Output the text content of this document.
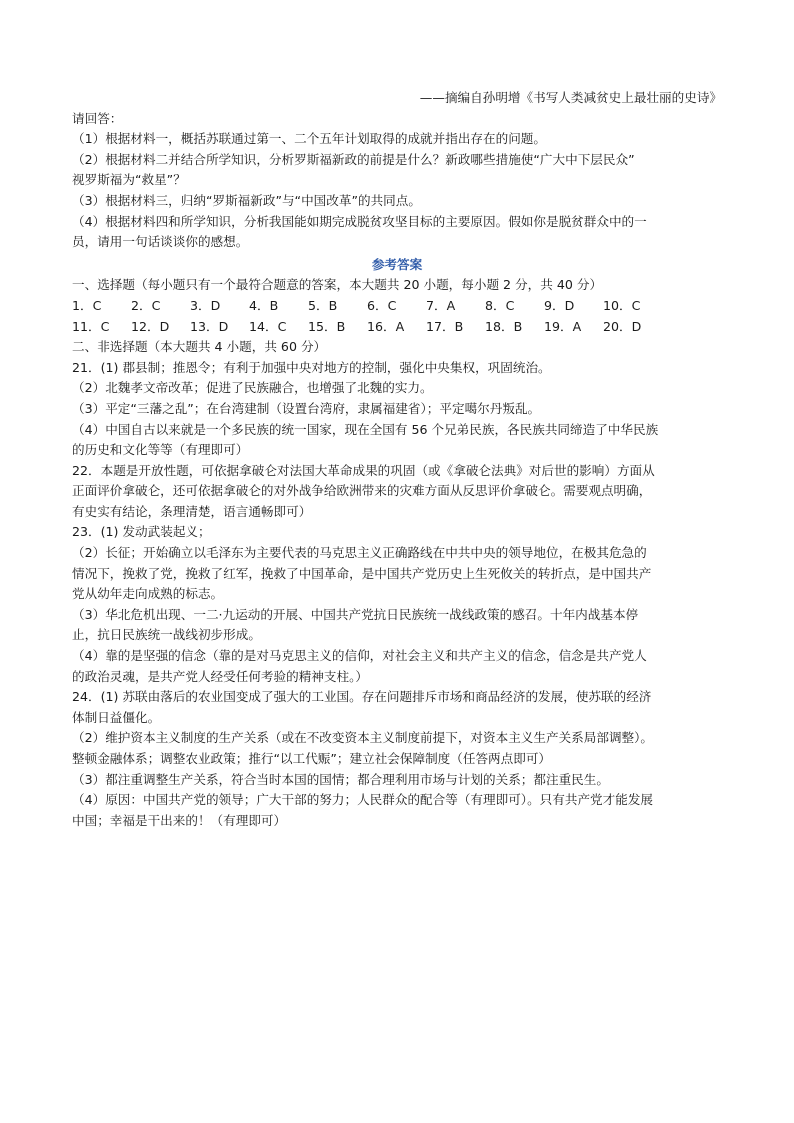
——摘编自孙明增《书写人类减贫史上最壮丽的史诗》
请回答：
（1）根据材料一，概括苏联通过第一、二个五年计划取得的成就并指出存在的问题。
（2）根据材料二并结合所学知识，分析罗斯福新政的前提是什么？新政哪些措施使“广大中下层民众”
视罗斯福为“救星”？
（3）根据材料三，归纳“罗斯福新政”与“中国改革”的共同点。
（4）根据材料四和所学知识，分析我国能如期完成脱贫攻坚目标的主要原因。假如你是脱贫群众中的一
员，请用一句话谈谈你的感想。
参考答案
一、选择题（每小题只有一个最符合题意的答案，本大题共 20 小题，每小题 2 分，共 40 分）
1．C	2．C	3．D	4．B	5．B	6．C	7．A	8．C	9．D	10．C
11．C	12．D	13．D	14．C	15．B	16．A	17．B	18．B	19．A	20．D
二、非选择题（本大题共 4 小题，共 60 分）
21．(1) 郡县制；推恩令；有利于加强中央对地方的控制，强化中央集权，巩固统治。
（2）北魏孝文帝改革；促进了民族融合，也增强了北魏的实力。
（3）平定“三藩之乱”；在台湾建制（设置台湾府，隶属福建省）；平定噶尔丹叛乱。
（4）中国自古以来就是一个多民族的统一国家，现在全国有 56 个兄弟民族，各民族共同缔造了中华民族
的历史和文化等等（有理即可）
22．本题是开放性题，可依据拿破仑对法国大革命成果的巩固（或《拿破仑法典》对后世的影响）方面从
正面评价拿破仑，还可依据拿破仑的对外战争给欧洲带来的灾难方面从反思评价拿破仑。需要观点明确，
有史实有结论，条理清楚，语言通畅即可）
23．(1) 发动武装起义；
（2）长征；开始确立以毛泽东为主要代表的马克思主义正确路线在中共中央的领导地位，在极其危急的
情况下，挽救了党，挽救了红军，挽救了中国革命，是中国共产党历史上生死攸关的转折点，是中国共产
党从幼年走向成熟的标志。
（3）华北危机出现、一二·九运动的开展、中国共产党抗日民族统一战线政策的感召。十年内战基本停
止，抗日民族统一战线初步形成。
（4）靠的是坚强的信念（靠的是对马克思主义的信仰，对社会主义和共产主义的信念，信念是共产党人
的政治灵魂，是共产党人经受任何考验的精神支柱。）
24．(1) 苏联由落后的农业国变成了强大的工业国。存在问题排斥市场和商品经济的发展，使苏联的经济
体制日益僵化。
（2）维护资本主义制度的生产关系（或在不改变资本主义制度前提下，对资本主义生产关系局部调整）。
整顿金融体系；调整农业政策；推行“以工代赈”；建立社会保障制度（任答两点即可）
（3）都注重调整生产关系，符合当时本国的国情；都合理利用市场与计划的关系；都注重民生。
（4）原因：中国共产党的领导；广大干部的努力；人民群众的配合等（有理即可）。只有共产党才能发展
中国；幸福是干出来的！（有理即可）
